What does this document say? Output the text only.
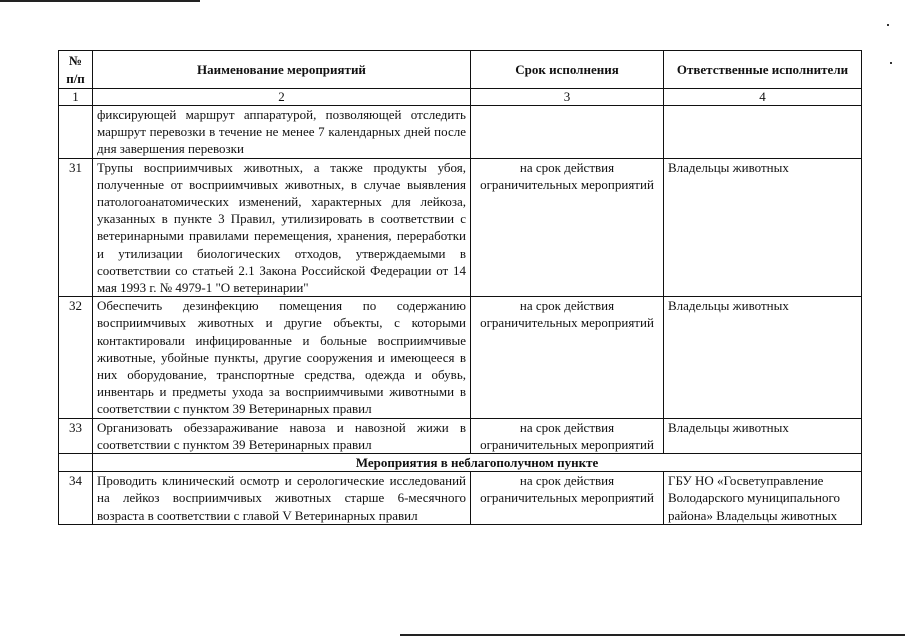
№ п/п	Наименование мероприятий	Срок исполнения	Ответственные исполнители
1	2	3	4
	фиксирующей маршрут аппаратурой, позволяющей отследить маршрут перевозки в течение не менее 7 календарных дней после дня завершения перевозки		
31	Трупы восприимчивых животных, а также продукты убоя, полученные от восприимчивых животных, в случае выявления патологоанатомических изменений, характерных для лейкоза, указанных в пункте 3 Правил, утилизировать в соответствии с ветеринарными правилами перемещения, хранения, переработки и утилизации биологических отходов, утверждаемыми в соответствии со статьей 2.1 Закона Российской Федерации от 14 мая 1993 г. № 4979-1 "О ветеринарии"	на срок действия ограничительных мероприятий	Владельцы животных
32	Обеспечить дезинфекцию помещения по содержанию восприимчивых животных и другие объекты, с которыми контактировали инфицированные и больные восприимчивые животные, убойные пункты, другие сооружения и имеющееся в них оборудование, транспортные средства, одежда и обувь, инвентарь и предметы ухода за восприимчивыми животными в соответствии с пунктом 39 Ветеринарных правил	на срок действия ограничительных мероприятий	Владельцы животных
33	Организовать обеззараживание навоза и навозной жижи в соответствии с пунктом 39 Ветеринарных правил	на срок действия ограничительных мероприятий	Владельцы животных
	Мероприятия в неблагополучном пункте		
34	Проводить клинический осмотр и серологические исследований на лейкоз восприимчивых животных старше 6-месячного возраста в соответствии с главой V Ветеринарных правил	на срок действия ограничительных мероприятий	ГБУ НО «Госветуправление Володарского муниципального района» Владельцы животных
